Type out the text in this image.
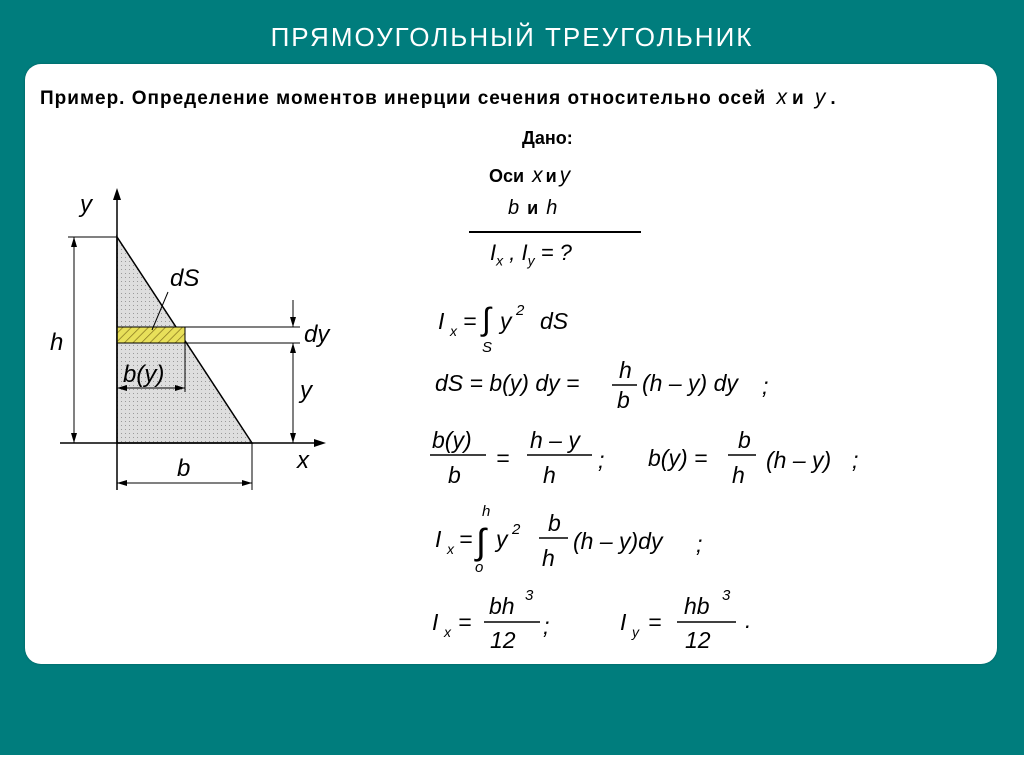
ПРЯМОУГОЛЬНЫЙ ТРЕУГОЛЬНИК
Пример. Определение моментов инерции сечения относительно осей x и y .
Дано:
Оси x и y
b и h
$I_x$ , $I_y$ = ?
y
x
h
b
dS
b(y)
dy
y
I x = ∫
S
y 2 dS
dS = b(y) dy = h
b
(h – y) dy ;
b(y)
b
=
h – y
h
; b(y) =
b
h
(h – y) ;
I x = ∫
h
o
y 2 b
h
(h – y)dy ;
I x =
bh 3
12
;	I y =
hb 3
12
.
